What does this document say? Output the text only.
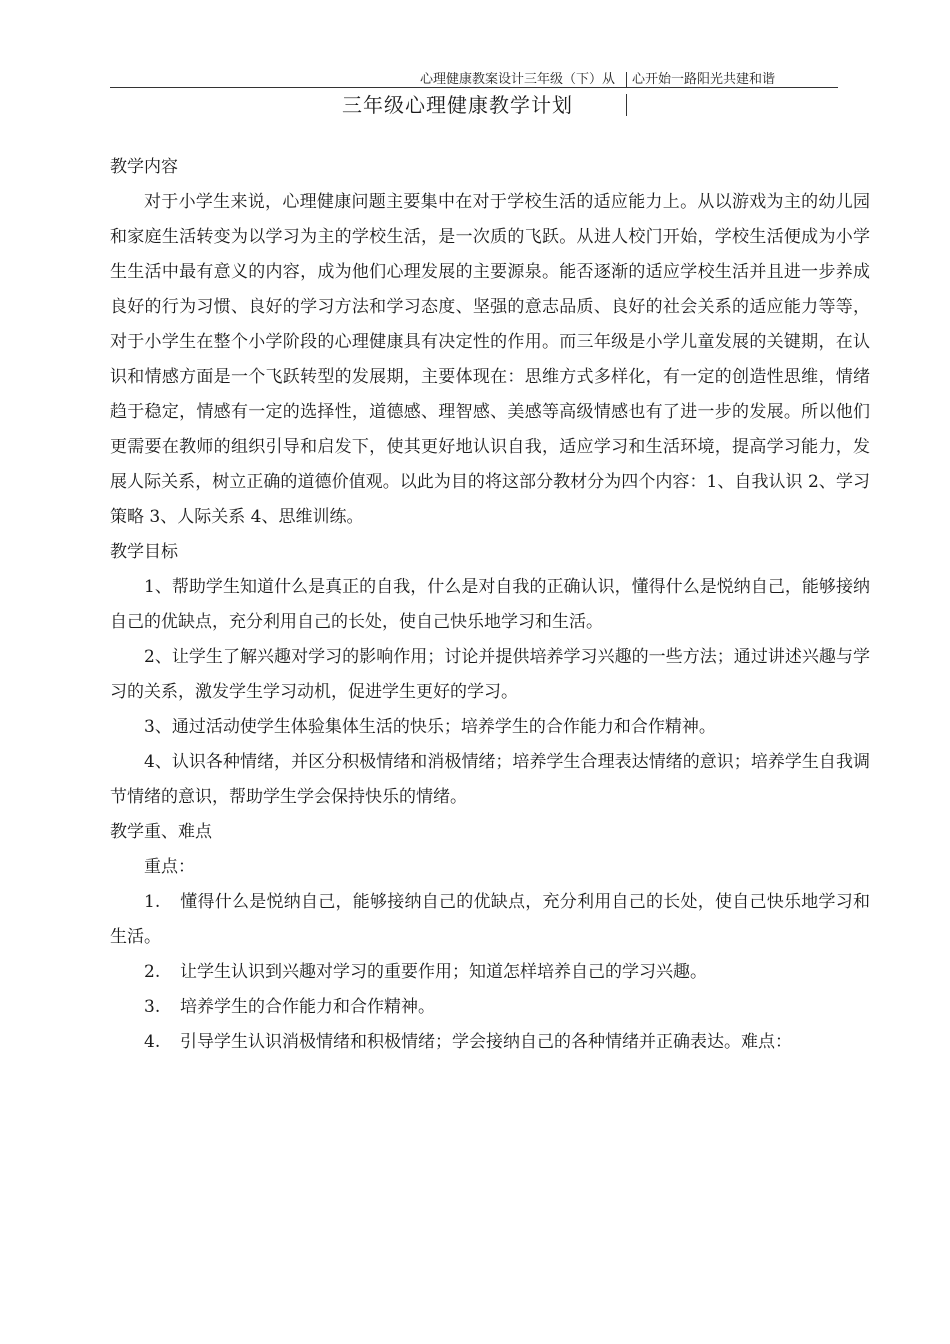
心理健康教案设计三年级（下）从 心开始一路阳光共建和谐
三年级心理健康教学计划

教学内容

对于小学生来说，心理健康问题主要集中在对于学校生活的适应能力上。从以游戏为主的幼儿园和家庭生活转变为以学习为主的学校生活，是一次质的飞跃。从进人校门开始，学校生活便成为小学生生活中最有意义的内容，成为他们心理发展的主要源泉。能否逐渐的适应学校生活并且进一步养成良好的行为习惯、良好的学习方法和学习态度、坚强的意志品质、良好的社会关系的适应能力等等，对于小学生在整个小学阶段的心理健康具有决定性的作用。而三年级是小学儿童发展的关键期，在认识和情感方面是一个飞跃转型的发展期，主要体现在：思维方式多样化，有一定的创造性思维，情绪趋于稳定，情感有一定的选择性，道德感、理智感、美感等高级情感也有了进一步的发展。所以他们更需要在教师的组织引导和启发下，使其更好地认识自我，适应学习和生活环境，提高学习能力，发展人际关系，树立正确的道德价值观。以此为目的将这部分教材分为四个内容：1、自我认识 2、学习策略 3、人际关系 4、思维训练。

教学目标

1、帮助学生知道什么是真正的自我，什么是对自我的正确认识，懂得什么是悦纳自己，能够接纳自己的优缺点，充分利用自己的长处，使自己快乐地学习和生活。

2、让学生了解兴趣对学习的影响作用；讨论并提供培养学习兴趣的一些方法；通过讲述兴趣与学习的关系，激发学生学习动机，促进学生更好的学习。

3、通过活动使学生体验集体生活的快乐；培养学生的合作能力和合作精神。

4、认识各种情绪，并区分积极情绪和消极情绪；培养学生合理表达情绪的意识；培养学生自我调节情绪的意识，帮助学生学会保持快乐的情绪。

教学重、难点

重点：

1. 懂得什么是悦纳自己，能够接纳自己的优缺点，充分利用自己的长处，使自己快乐地学习和生活。

2. 让学生认识到兴趣对学习的重要作用；知道怎样培养自己的学习兴趣。

3. 培养学生的合作能力和合作精神。

4. 引导学生认识消极情绪和积极情绪；学会接纳自己的各种情绪并正确表达。难点：
